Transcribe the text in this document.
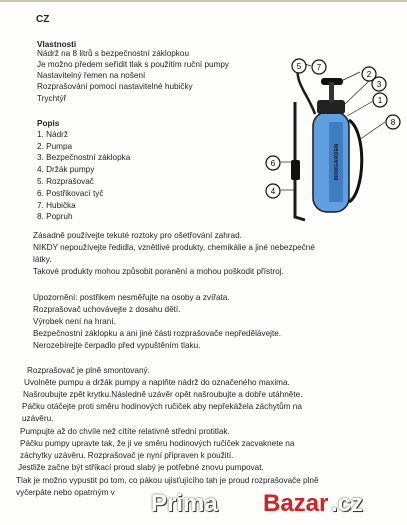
CZ
Vlastnosti
Nádrž na 8 litrů s bezpečnostní záklopkou
Je možno předem seřídit tlak s použitím ruční pumpy
Nastavitelný řemen na nošení
Rozprašování pomocí nastavitelné hubičky
Trychtýř
Popis
1. Nádrž
2. Pumpa
3. Bezpečnostní záklopka
4. Držák pumpy
5. Rozprašovač
6. Postřikovací tyč
7. Hubička
8. Popruh
8000GARDEN
7
5
2
3
1
8
6
4
Zásadně používejte tekuté roztoky pro ošetřování zahrad.
NIKDY nepoužívejte ředidla, vznětlivé produkty, chemikálie a jiné nebezpečné
látky.
Takové produkty mohou způsobit poranění a mohou poškodit přístroj.
Upozornění: postřikem nesměřujte na osoby a zvířata.
Rozprašovač uchovávejte z dosahu dětí.
Výrobek není na hraní.
Bezpečnostní záklopku a ani jiné části rozprašovače nepředělávejte.
Nerozebírejte čerpadlo před vypuštěním tlaku.
Rozprašovač je plně smontovaný.
Uvolněte pumpu a držák pumpy a naplňte nádrž do označeného maxima.
Našroubujte zpět krytku.Následně uzávěr opět našroubujte a dobře utáhněte.
Páčku otáčejte proti směru hodinových ručiček aby nepřekážela záchytům na
uzávěru.
Pumpujte až do chvíle než cítíte relativně střední protitlak.
Páčku pumpy upravte tak, že ji ve směru hodinových ručiček zacvaknete na
záchytky uzávěru. Rozprašovač je nyní připraven k použití.
Jestliže začne být stříkací proud slabý je potřebné znovu pumpovat.
Tlak je možno vypustit po tom, co pákou ujisťujícího tah je proud rozprašovače plně
vyčerpáte nebo opatrným v Prima Bazar .cz
